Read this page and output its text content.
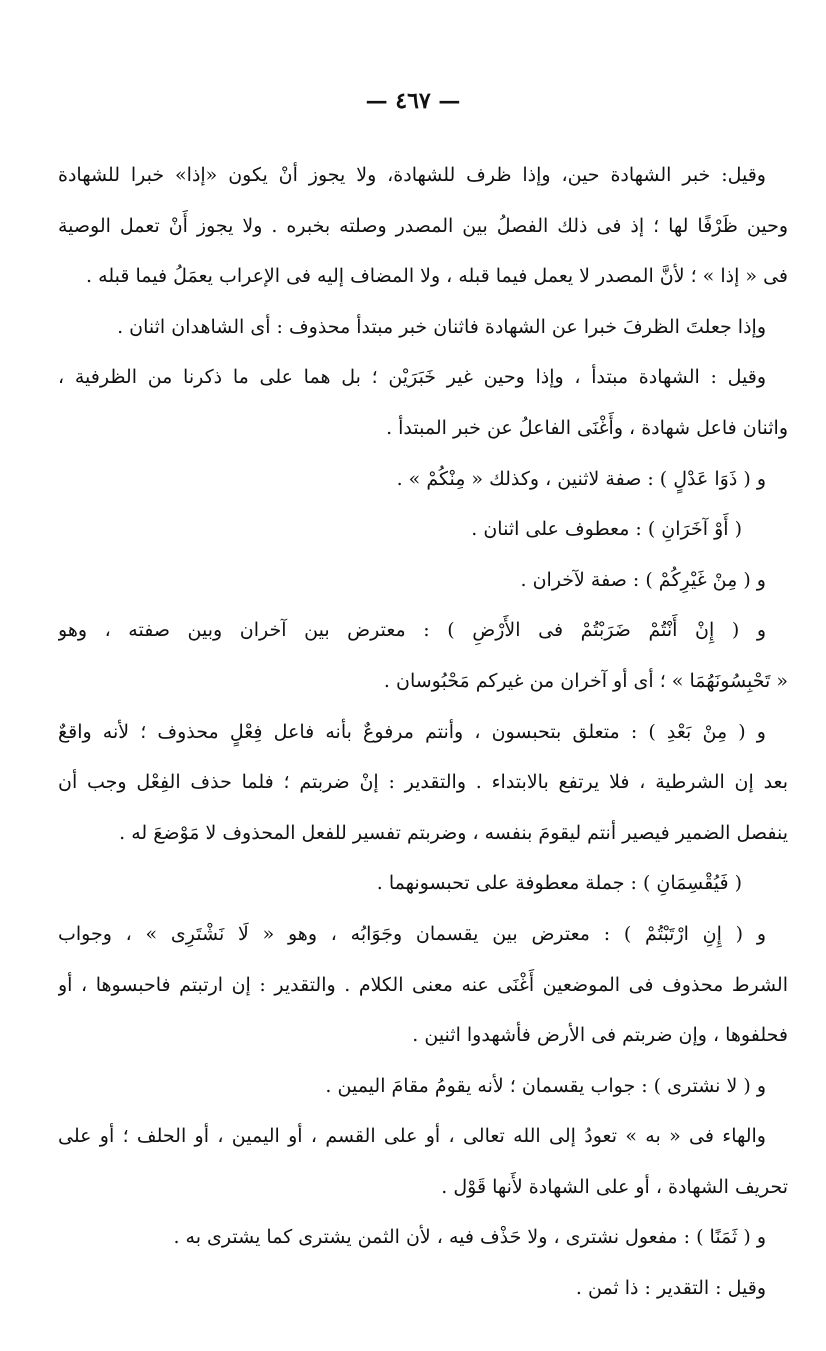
— ٤٦٧ —
وقيل: خبر الشهادة حين، وإذا ظرف للشهادة، ولا يجوز أنْ يكون «إذا» خبرا للشهادة
وحين ظَرْفًا لها ؛ إذ فى ذلك الفصلُ بين المصدر وصلته بخبره . ولا يجوز أَنْ تعمل الوصية
فى « إذا » ؛ لأنَّ المصدر لا يعمل فيما قبله ، ولا المضاف إليه فى الإعراب يعمَلُ فيما قبله .
وإذا جعلتَ الظرفَ خبرا عن الشهادة فاثنان خبر مبتدأ محذوف : أى الشاهدان اثنان .
وقيل : الشهادة مبتدأ ، وإذا وحين غير خَبَرَيْن ؛ بل هما على ما ذكرنا من الظرفية ،
واثنان فاعل شهادة ، وأَغْنَى الفاعلُ عن خبر المبتدأ .
و ( ذَوَا عَدْلٍ ) : صفة لاثنين ، وكذلك « مِنْكُمْ » .
( أَوْ آخَرَانِ ) : معطوف على اثنان .
و ( مِنْ غَيْرِكُمْ ) : صفة لآخران .
و ( إِنْ أَنْتُمْ ضَرَبْتُمْ فى الأَرْضِ ) : معترض بين آخران وبين صفته ، وهو
« تَحْبِسُونَهُمَا » ؛ أى أو آخران من غيركم مَحْبُوسان .
و ( مِنْ بَعْدِ ) : متعلق بتحبسون ، وأنتم مرفوعٌ بأنه فاعل فِعْلٍ محذوف ؛ لأنه واقعٌ
بعد إن الشرطية ، فلا يرتفع بالابتداء . والتقدير : إنْ ضربتم ؛ فلما حذف الفِعْل وجب أن
ينفصل الضمير فيصير أنتم ليقومَ بنفسه ، وضربتم تفسير للفعل المحذوف لا مَوْضعَ له .
( فَيُقْسِمَانِ ) : جملة معطوفة على تحبسونهما .
و ( إِنِ ارْتَبْتُمْ ) : معترض بين يقسمان وجَوَابُه ، وهو « لَا نَشْتَرِى » ، وجواب
الشرط محذوف فى الموضعين أَغْنَى عنه معنى الكلام . والتقدير : إن ارتبتم فاحبسوها ، أو
فحلفوها ، وإن ضربتم فى الأرض فأشهدوا اثنين .
و ( لا نشترى ) : جواب يقسمان ؛ لأنه يقومُ مقامَ اليمين .
والهاء فى « به » تعودُ إلى الله تعالى ، أو على القسم ، أو اليمين ، أو الحلف ؛ أو على
تحريف الشهادة ، أو على الشهادة لأَنها قَوْل .
و ( ثَمَنًا ) : مفعول نشترى ، ولا حَذْف فيه ، لأن الثمن يشترى كما يشترى به .
وقيل : التقدير : ذا ثمن .
